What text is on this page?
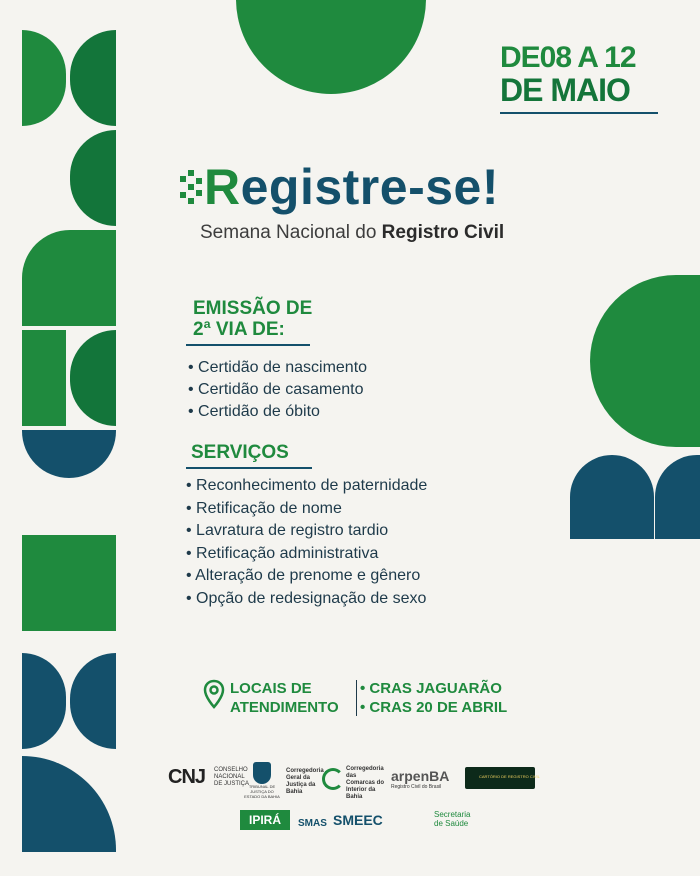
DE08 A 12
DE MAIO
Registre-se!
Semana Nacional do Registro Civil
EMISSÃO DE
2ª VIA DE:
• Certidão de nascimento
• Certidão de casamento
• Certidão de óbito
SERVIÇOS
• Reconhecimento de paternidade
• Retificação de nome
• Lavratura de registro tardio
• Retificação administrativa
• Alteração de prenome e gênero
• Opção de redesignação de sexo
LOCAIS DE
ATENDIMENTO
• CRAS JAGUARÃO
• CRAS 20 DE ABRIL
CNJ CONSELHO NACIONAL DE JUSTIÇA TRIBUNAL DE JUSTIÇA DO ESTADO DA BAHIA
Corregedoria Geral da Justiça da Bahia
Corregedoria das Comarcas do Interior da Bahia
arpenBA
Registro Civil do Brasil
CARTÓRIO DE REGISTRO CIVIL
IPIRÁ	SMAS SMEEC	Secretaria de Saúde
